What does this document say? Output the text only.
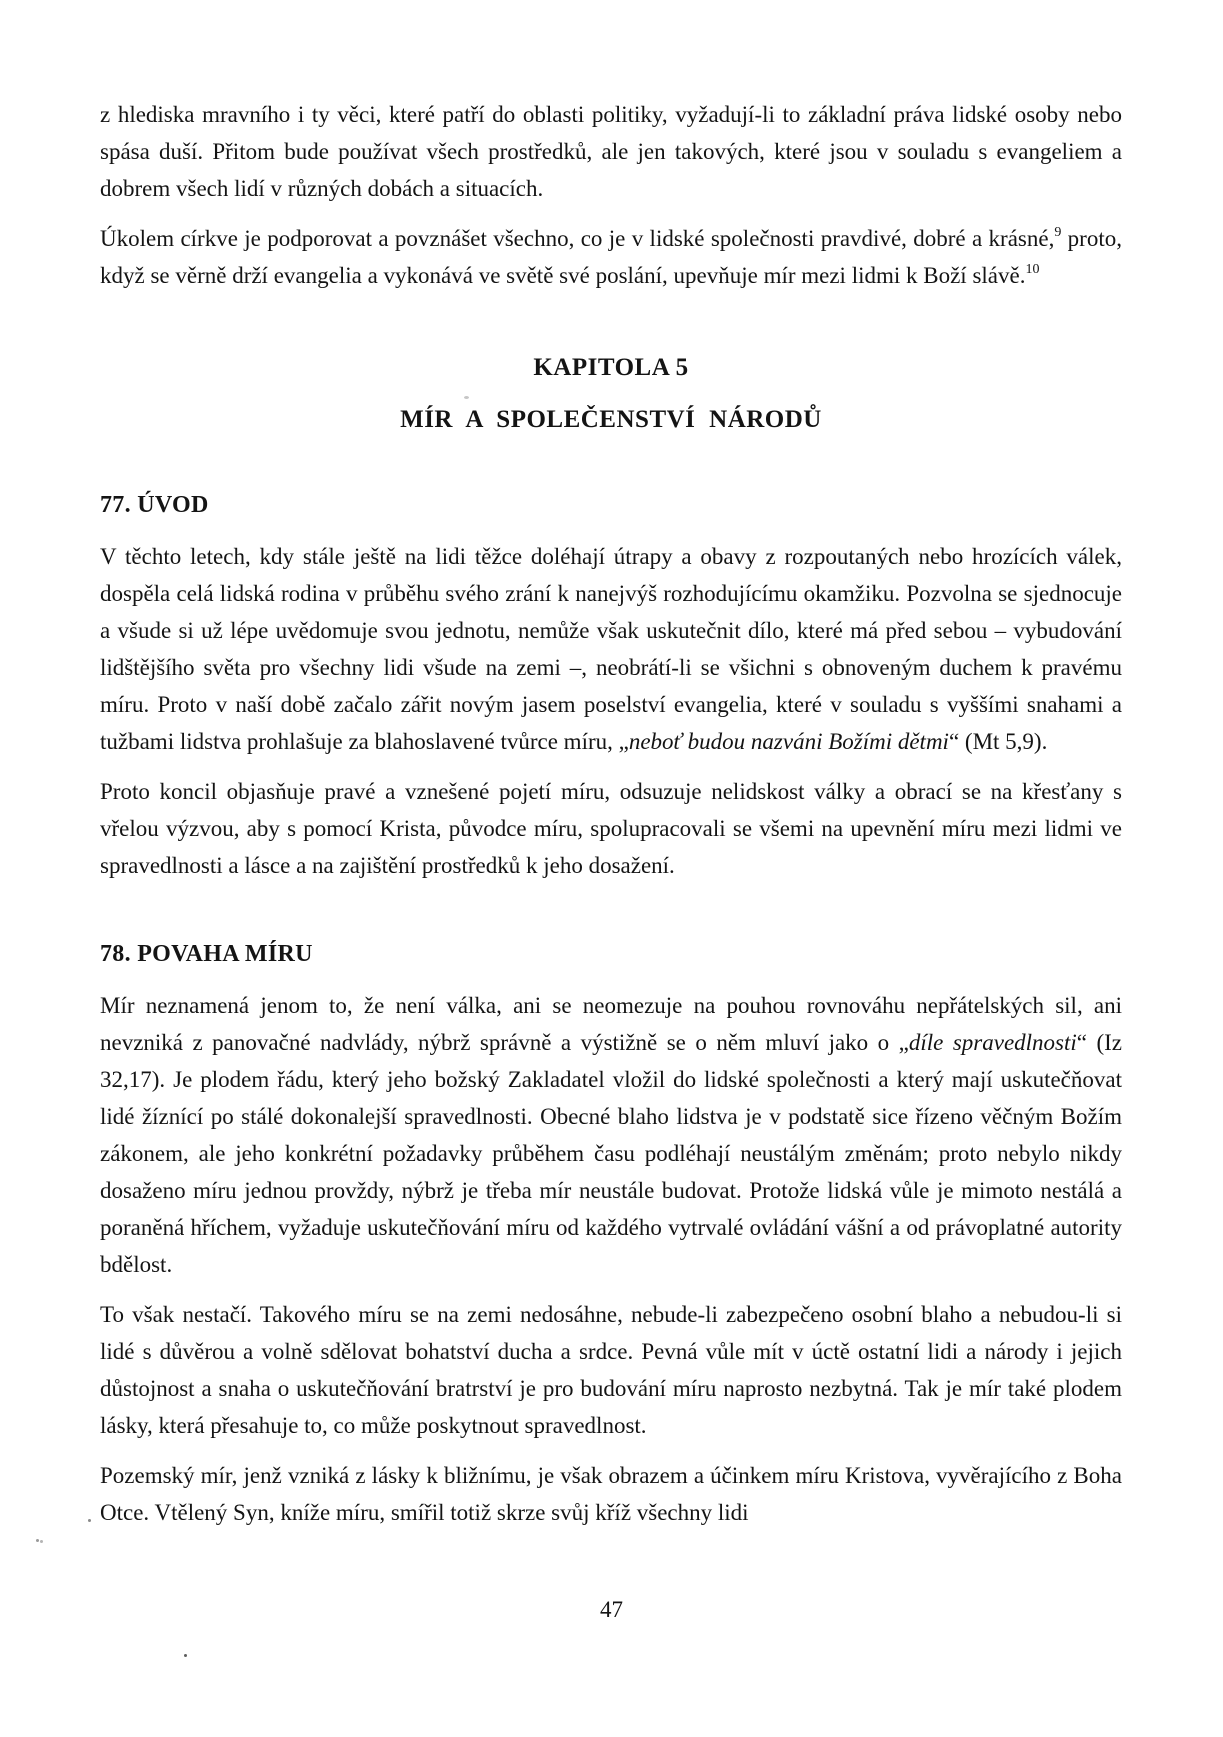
z hlediska mravního i ty věci, které patří do oblasti politiky, vyžadují-li to základní práva lidské osoby nebo spása duší. Přitom bude používat všech prostředků, ale jen takových, které jsou v souladu s evangeliem a dobrem všech lidí v různých dobách a situacích.

Úkolem církve je podporovat a povznášet všechno, co je v lidské společnosti pravdivé, dobré a krásné,$^9$ proto, když se věrně drží evangelia a vykonává ve světě své poslání, upevňuje mír mezi lidmi k Boží slávě.$^{10}$

KAPITOLA 5
MÍR A SPOLEČENSTVÍ NÁRODŮ
77. ÚVOD

V těchto letech, kdy stále ještě na lidi těžce doléhají útrapy a obavy z rozpoutaných nebo hrozících válek, dospěla celá lidská rodina v průběhu svého zrání k nanejvýš rozhodujícímu okamžiku. Pozvolna se sjednocuje a všude si už lépe uvědomuje svou jednotu, nemůže však uskutečnit dílo, které má před sebou – vybudování lidštějšího světa pro všechny lidi všude na zemi –, neobrátí-li se všichni s obnoveným duchem k pravému míru. Proto v naší době začalo zářit novým jasem poselství evangelia, které v souladu s vyššími snahami a tužbami lidstva prohlašuje za blahoslavené tvůrce míru, „neboť budou nazváni Božími dětmi“ (Mt 5,9).

Proto koncil objasňuje pravé a vznešené pojetí míru, odsuzuje nelidskost války a obrací se na křesťany s vřelou výzvou, aby s pomocí Krista, původce míru, spolupracovali se všemi na upevnění míru mezi lidmi ve spravedlnosti a lásce a na zajištění prostředků k jeho dosažení.

78. POVAHA MÍRU

Mír neznamená jenom to, že není válka, ani se neomezuje na pouhou rovnováhu nepřátelských sil, ani nevzniká z panovačné nadvlády, nýbrž správně a výstižně se o něm mluví jako o „díle spravedlnosti“ (Iz 32,17). Je plodem řádu, který jeho božský Zakladatel vložil do lidské společnosti a který mají uskutečňovat lidé žíznící po stálé dokonalejší spravedlnosti. Obecné blaho lidstva je v podstatě sice řízeno věčným Božím zákonem, ale jeho konkrétní požadavky průběhem času podléhají neustálým změnám; proto nebylo nikdy dosaženo míru jednou provždy, nýbrž je třeba mír neustále budovat. Protože lidská vůle je mimoto nestálá a poraněná hříchem, vyžaduje uskutečňování míru od každého vytrvalé ovládání vášní a od právoplatné autority bdělost.

To však nestačí. Takového míru se na zemi nedosáhne, nebude-li zabezpečeno osobní blaho a nebudou-li si lidé s důvěrou a volně sdělovat bohatství ducha a srdce. Pevná vůle mít v úctě ostatní lidi a národy i jejich důstojnost a snaha o uskutečňování bratrství je pro budování míru naprosto nezbytná. Tak je mír také plodem lásky, která přesahuje to, co může poskytnout spravedlnost.

Pozemský mír, jenž vzniká z lásky k bližnímu, je však obrazem a účinkem míru Kristova, vyvěrajícího z Boha Otce. Vtělený Syn, kníže míru, smířil totiž skrze svůj kříž všechny lidi

47
